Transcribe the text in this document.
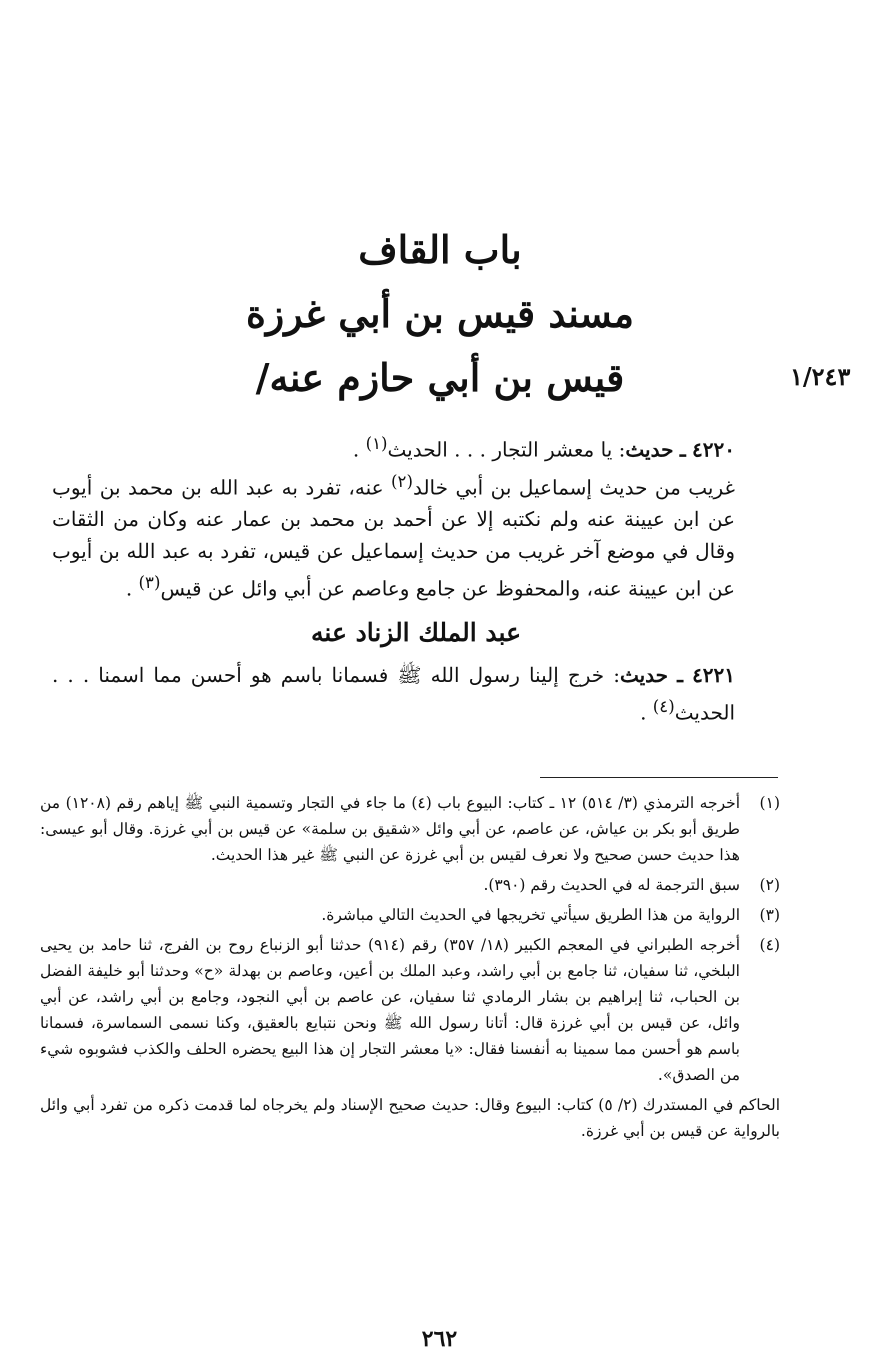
١/٢٤٣
باب القاف
مسند قيس بن أبي غرزة
قيس بن أبي حازم عنه/

٤٢٢٠ ـ حديث: يا معشر التجار . . . الحديث$^{(١)}$ .

غريب من حديث إسماعيل بن أبي خالد$^{(٢)}$ عنه، تفرد به عبد الله بن محمد بن أيوب عن ابن عيينة عنه ولم نكتبه إلا عن أحمد بن محمد بن عمار عنه وكان من الثقات وقال في موضع آخر غريب من حديث إسماعيل عن قيس، تفرد به عبد الله بن أيوب عن ابن عيينة عنه، والمحفوظ عن جامع وعاصم عن أبي وائل عن قيس$^{(٣)}$ .

عبد الملك الزناد عنه

٤٢٢١ ـ حديث: خرج إلينا رسول الله ﷺ فسمانا باسم هو أحسن مما اسمنا . . . الحديث$^{(٤)}$ .

(١)
أخرجه الترمذي (٣/ ٥١٤) ١٢ ـ كتاب: البيوع باب (٤) ما جاء في التجار وتسمية النبي ﷺ إياهم رقم (١٢٠٨) من طريق أبو بكر بن عياش، عن عاصم، عن أبي وائل «شقيق بن سلمة» عن قيس بن أبي غرزة. وقال أبو عيسى: هذا حديث حسن صحيح ولا نعرف لقيس بن أبي غرزة عن النبي ﷺ غير هذا الحديث.
(٢)
سبق الترجمة له في الحديث رقم (٣٩٠).
(٣)
الرواية من هذا الطريق سيأتي تخريجها في الحديث التالي مباشرة.
(٤)
أخرجه الطبراني في المعجم الكبير (١٨/ ٣٥٧) رقم (٩١٤) حدثنا أبو الزنباع روح بن الفرج، ثنا حامد بن يحيى البلخي، ثنا سفيان، ثنا جامع بن أبي راشد، وعبد الملك بن أعين، وعاصم بن بهدلة «ح» وحدثنا أبو خليفة الفضل بن الحباب، ثنا إبراهيم بن بشار الرمادي ثنا سفيان، عن عاصم بن أبي النجود، وجامع بن أبي راشد، عن أبي وائل، عن قيس بن أبي غرزة قال: أتانا رسول الله ﷺ ونحن نتبايع بالعقيق، وكنا نسمى السماسرة، فسمانا باسم هو أحسن مما سمينا به أنفسنا فقال: «يا معشر التجار إن هذا البيع يحضره الحلف والكذب فشوبوه شيء من الصدق».

الحاكم في المستدرك (٢/ ٥) كتاب: البيوع وقال: حديث صحيح الإسناد ولم يخرجاه لما قدمت ذكره من تفرد أبي وائل بالرواية عن قيس بن أبي غرزة.

٢٦٢
